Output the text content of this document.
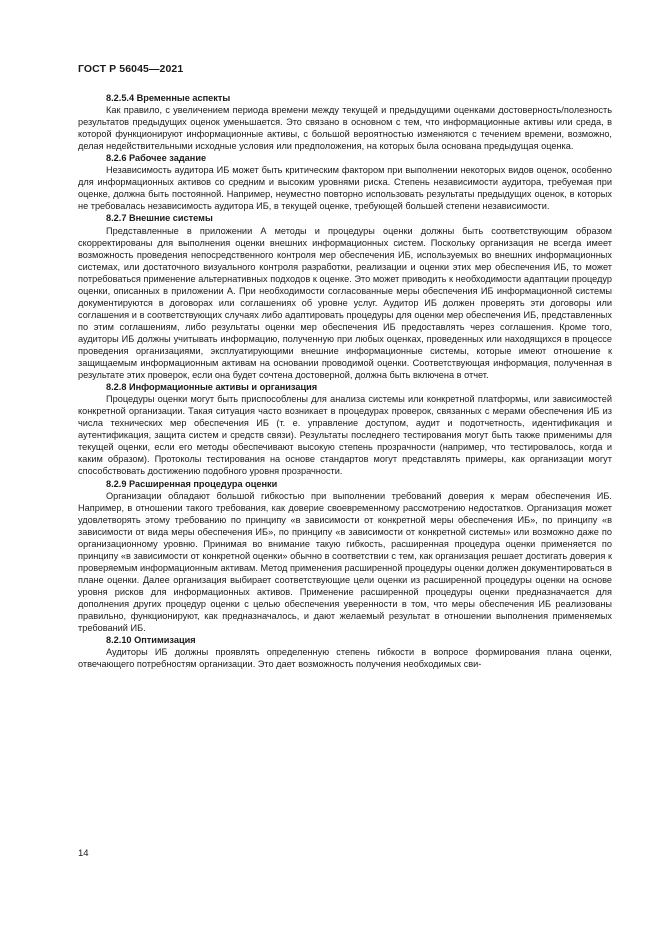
ГОСТ Р 56045—2021

8.2.5.4 Временные аспекты

Как правило, с увеличением периода времени между текущей и предыдущими оценками достоверность/полезность результатов предыдущих оценок уменьшается. Это связано в основном с тем, что информационные активы или среда, в которой функционируют информационные активы, с большой вероятностью изменяются с течением времени, возможно, делая недействительными исходные условия или предположения, на которых была основана предыдущая оценка.

8.2.6 Рабочее задание

Независимость аудитора ИБ может быть критическим фактором при выполнении некоторых видов оценок, особенно для информационных активов со средним и высоким уровнями риска. Степень независимости аудитора, требуемая при оценке, должна быть постоянной. Например, неуместно повторно использовать результаты предыдущих оценок, в которых не требовалась независимость аудитора ИБ, в текущей оценке, требующей большей степени независимости.

8.2.7 Внешние системы

Представленные в приложении А методы и процедуры оценки должны быть соответствующим образом скорректированы для выполнения оценки внешних информационных систем. Поскольку организация не всегда имеет возможность проведения непосредственного контроля мер обеспечения ИБ, используемых во внешних информационных системах, или достаточного визуального контроля разработки, реализации и оценки этих мер обеспечения ИБ, то может потребоваться применение альтернативных подходов к оценке. Это может приводить к необходимости адаптации процедур оценки, описанных в приложении А. При необходимости согласованные меры обеспечения ИБ информационной системы документируются в договорах или соглашениях об уровне услуг. Аудитор ИБ должен проверять эти договоры или соглашения и в соответствующих случаях либо адаптировать процедуры для оценки мер обеспечения ИБ, представленных по этим соглашениям, либо результаты оценки мер обеспечения ИБ предоставлять через соглашения. Кроме того, аудиторы ИБ должны учитывать информацию, полученную при любых оценках, проведенных или находящихся в процессе проведения организациями, эксплуатирующими внешние информационные системы, которые имеют отношение к защищаемым информационным активам на основании проводимой оценки. Соответствующая информация, полученная в результате этих проверок, если она будет сочтена достоверной, должна быть включена в отчет.

8.2.8 Информационные активы и организация

Процедуры оценки могут быть приспособлены для анализа системы или конкретной платформы, или зависимостей конкретной организации. Такая ситуация часто возникает в процедурах проверок, связанных с мерами обеспечения ИБ из числа технических мер обеспечения ИБ (т. е. управление доступом, аудит и подотчетность, идентификация и аутентификация, защита систем и средств связи). Результаты последнего тестирования могут быть также применимы для текущей оценки, если его методы обеспечивают высокую степень прозрачности (например, что тестировалось, когда и каким образом). Протоколы тестирования на основе стандартов могут представлять примеры, как организации могут способствовать достижению подобного уровня прозрачности.

8.2.9 Расширенная процедура оценки

Организации обладают большой гибкостью при выполнении требований доверия к мерам обеспечения ИБ. Например, в отношении такого требования, как доверие своевременному рассмотрению недостатков. Организация может удовлетворять этому требованию по принципу «в зависимости от конкретной меры обеспечения ИБ», по принципу «в зависимости от вида меры обеспечения ИБ», по принципу «в зависимости от конкретной системы» или возможно даже по организационному уровню. Принимая во внимание такую гибкость, расширенная процедура оценки применяется по принципу «в зависимости от конкретной оценки» обычно в соответствии с тем, как организация решает достигать доверия к проверяемым информационным активам. Метод применения расширенной процедуры оценки должен документироваться в плане оценки. Далее организация выбирает соответствующие цели оценки из расширенной процедуры оценки на основе уровня рисков для информационных активов. Применение расширенной процедуры оценки предназначается для дополнения других процедур оценки с целью обеспечения уверенности в том, что меры обеспечения ИБ реализованы правильно, функционируют, как предназначалось, и дают желаемый результат в отношении выполнения применяемых требований ИБ.

8.2.10 Оптимизация

Аудиторы ИБ должны проявлять определенную степень гибкости в вопросе формирования плана оценки, отвечающего потребностям организации. Это дает возможность получения необходимых сви-

14
